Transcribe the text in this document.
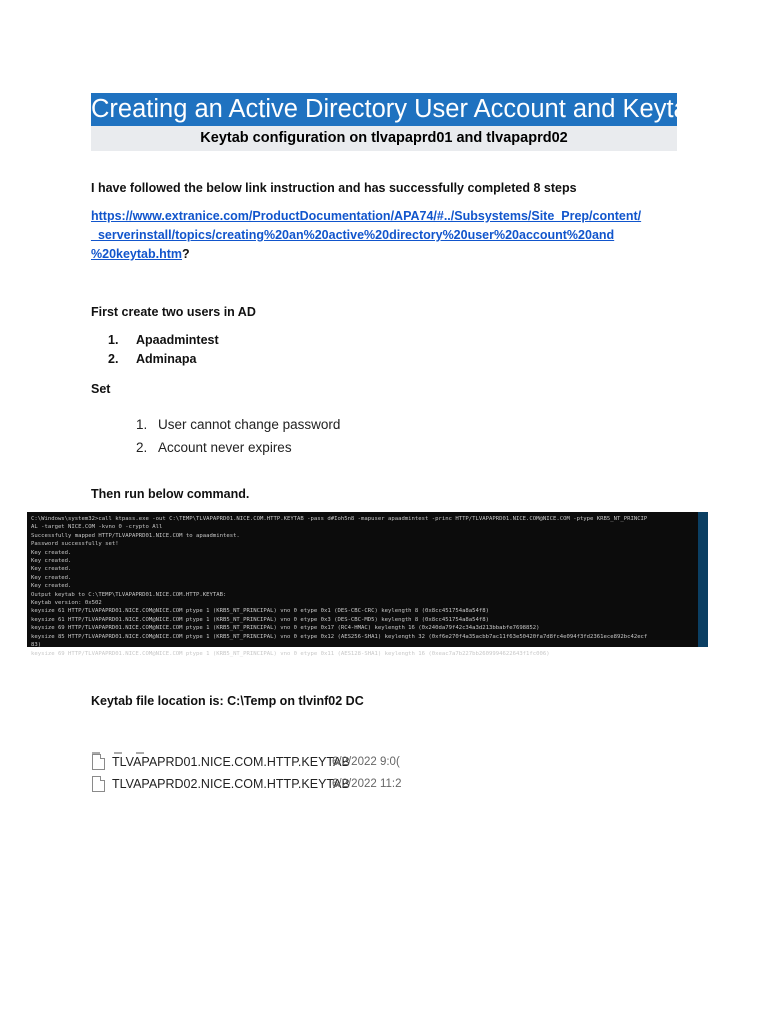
Creating an Active Directory User Account and Keytab
Keytab configuration on tlvapaprd01 and tlvapaprd02
I have followed the below link instruction and has successfully completed 8 steps
https://www.extranice.com/ProductDocumentation/APA74/#../Subsystems/Site_Prep/content/
_serverinstall/topics/creating%20an%20active%20directory%20user%20account%20and
%20keytab.htm?
First create two users in AD
1. Apaadmintest
2. Adminapa
Set
1. User cannot change password
2. Account never expires
Then run below command.
C:\Windows\system32>call ktpass.exe -out C:\TEMP\TLVAPAPRD01.NICE.COM.HTTP.KEYTAB -pass d#Ioh5n8 -mapuser apaadmintest -princ HTTP/TLVAPAPRD01.NICE.COM@NICE.COM -ptype KRB5_NT_PRINCIP
AL -target NICE.COM -kvno 0 -crypto All
Successfully mapped HTTP/TLVAPAPRD01.NICE.COM to apaadmintest.
Password successfully set!
Key created.
Key created.
Key created.
Key created.
Key created.
Output keytab to C:\TEMP\TLVAPAPRD01.NICE.COM.HTTP.KEYTAB:
Keytab version: 0x502
keysize 61 HTTP/TLVAPAPRD01.NICE.COM@NICE.COM ptype 1 (KRB5_NT_PRINCIPAL) vno 0 etype 0x1 (DES-CBC-CRC) keylength 8 (0x8cc451754a8a54f8)
keysize 61 HTTP/TLVAPAPRD01.NICE.COM@NICE.COM ptype 1 (KRB5_NT_PRINCIPAL) vno 0 etype 0x3 (DES-CBC-MD5) keylength 8 (0x8cc451754a8a54f8)
keysize 69 HTTP/TLVAPAPRD01.NICE.COM@NICE.COM ptype 1 (KRB5_NT_PRINCIPAL) vno 0 etype 0x17 (RC4-HMAC) keylength 16 (0x240da79f42c34a3d213bbabfe7698852)
keysize 85 HTTP/TLVAPAPRD01.NICE.COM@NICE.COM ptype 1 (KRB5_NT_PRINCIPAL) vno 0 etype 0x12 (AES256-SHA1) keylength 32 (0xf6e270f4a35acbb7ac11f63e50420fa7d8fc4e094f3fd2361ece892bc42ecf
83)
keysize 69 HTTP/TLVAPAPRD01.NICE.COM@NICE.COM ptype 1 (KRB5_NT_PRINCIPAL) vno 0 etype 0x11 (AES128-SHA1) keylength 16 (0xeac7a7b227bb2609994622643f1fc006)
Keytab file location is: C:\Temp on tlvinf02 DC
TLVAPAPRD01.NICE.COM.HTTP.KEYTAB6/2/2022 9:0(
TLVAPAPRD02.NICE.COM.HTTP.KEYTAB6/2/2022 11:2
